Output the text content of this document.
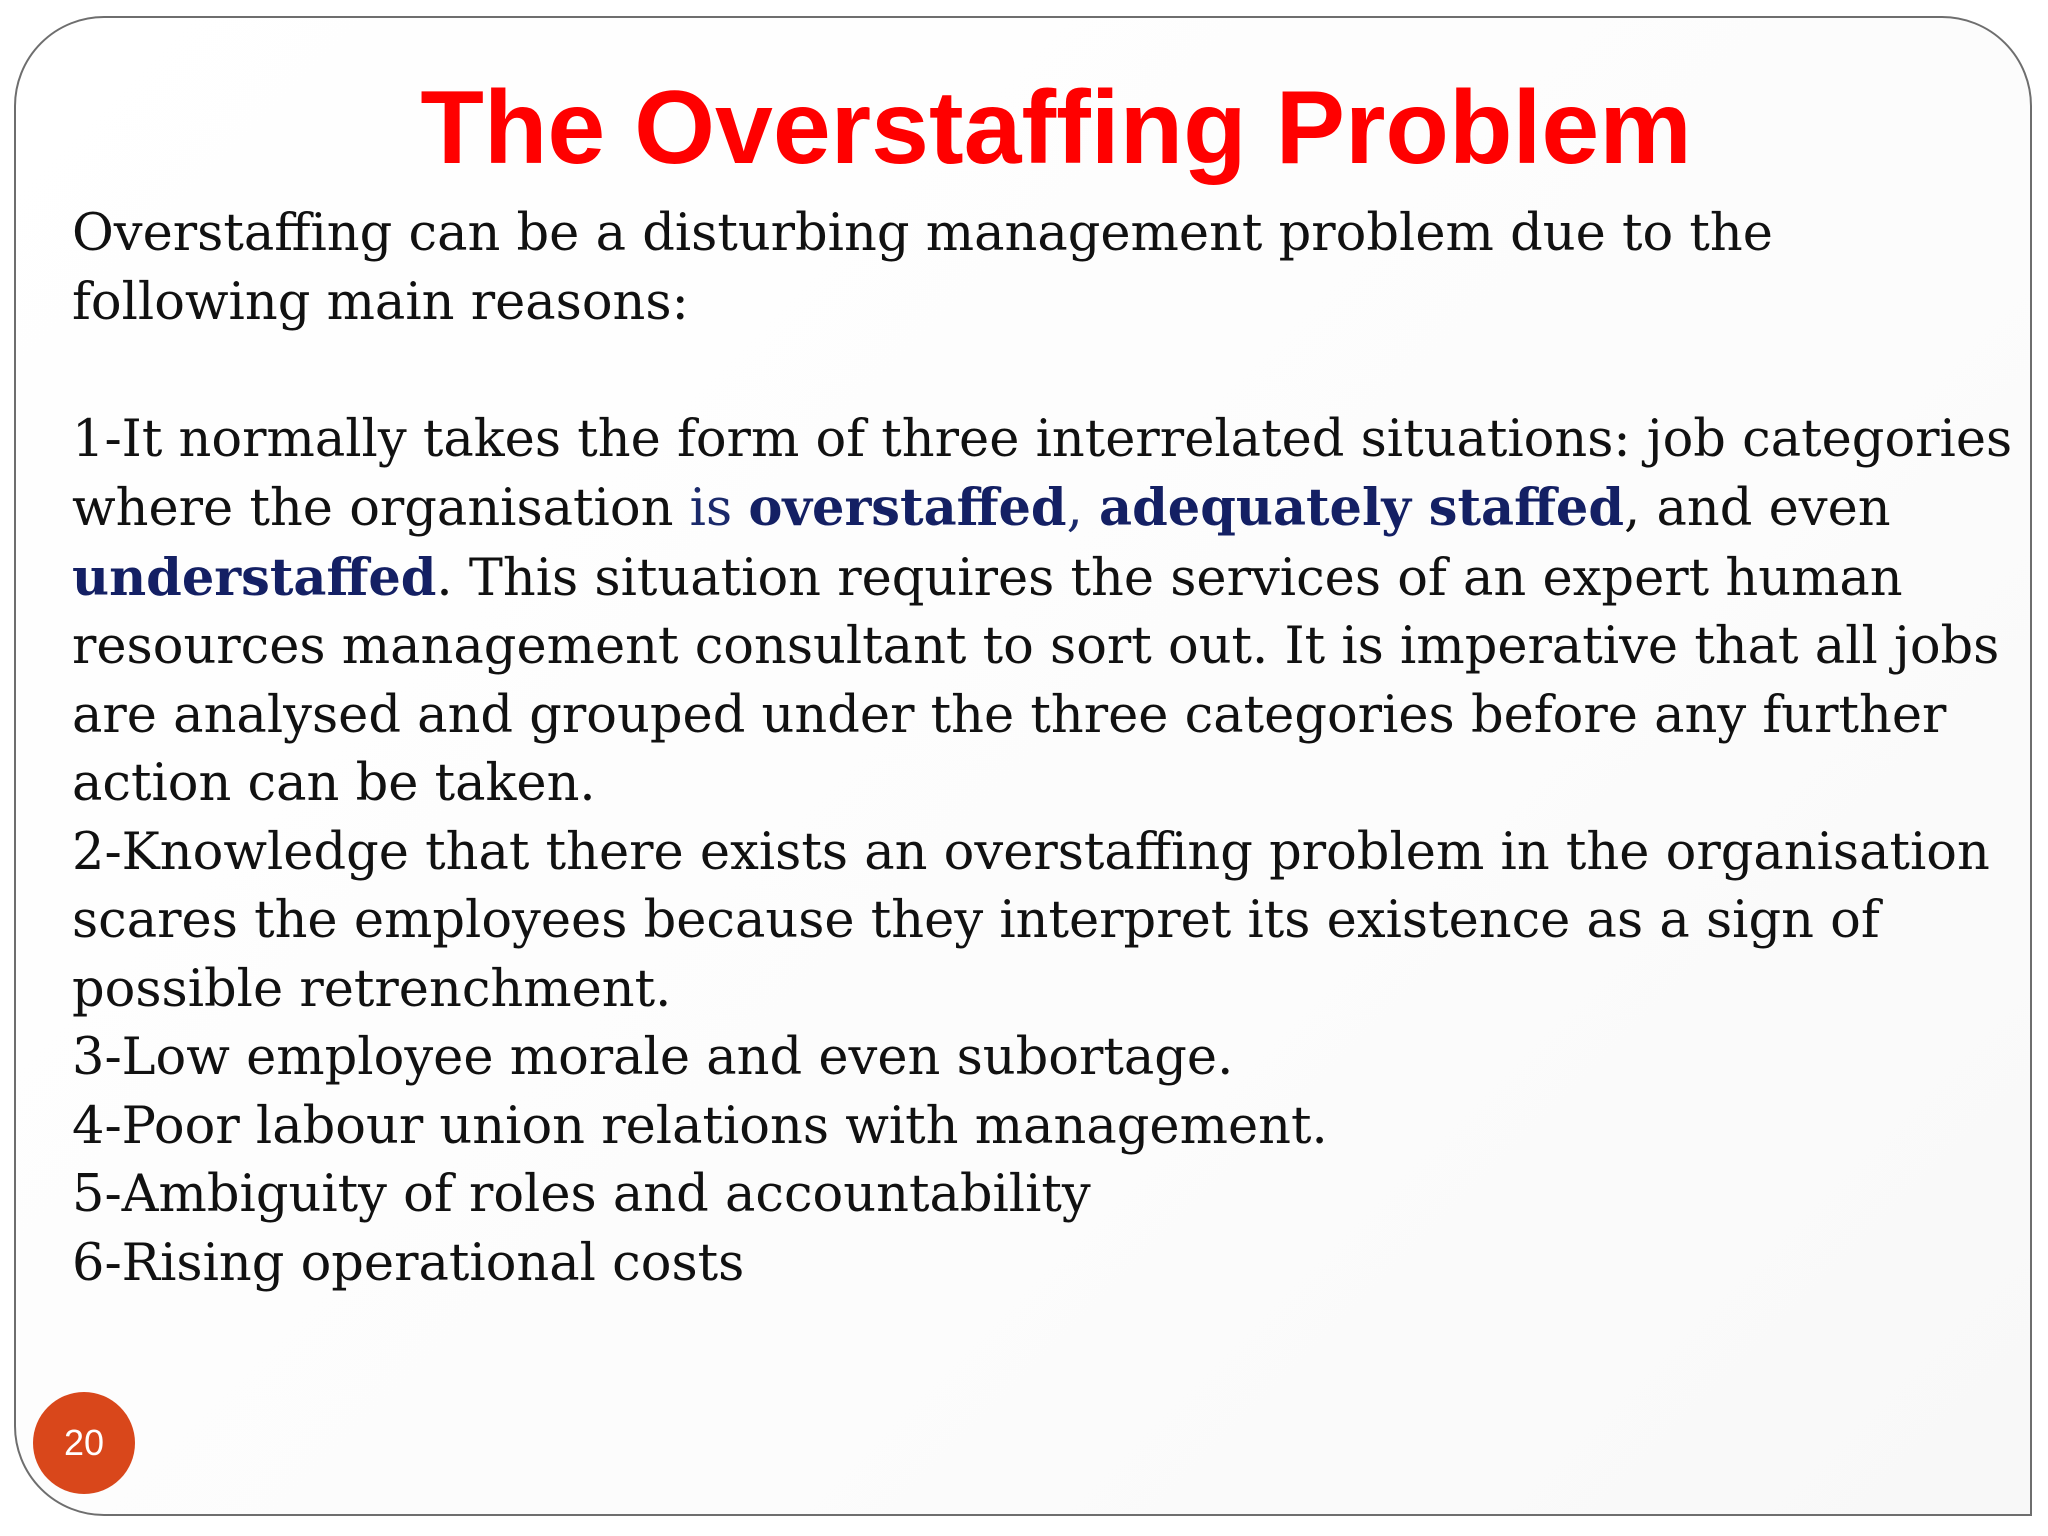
The Overstaffing Problem

Overstaffing can be a disturbing management problem due to the

following main reasons:

1-It normally takes the form of three interrelated situations: job categories

where the organisation is overstaffed, adequately staffed, and even

understaffed. This situation requires the services of an expert human

resources management consultant to sort out. It is imperative that all jobs

are analysed and grouped under the three categories before any further

action can be taken.

2-Knowledge that there exists an overstaffing problem in the organisation

scares the employees because they interpret its existence as a sign of

possible retrenchment.

3-Low employee morale and even subortage.

4-Poor labour union relations with management.

5-Ambiguity of roles and accountability

6-Rising operational costs

20
